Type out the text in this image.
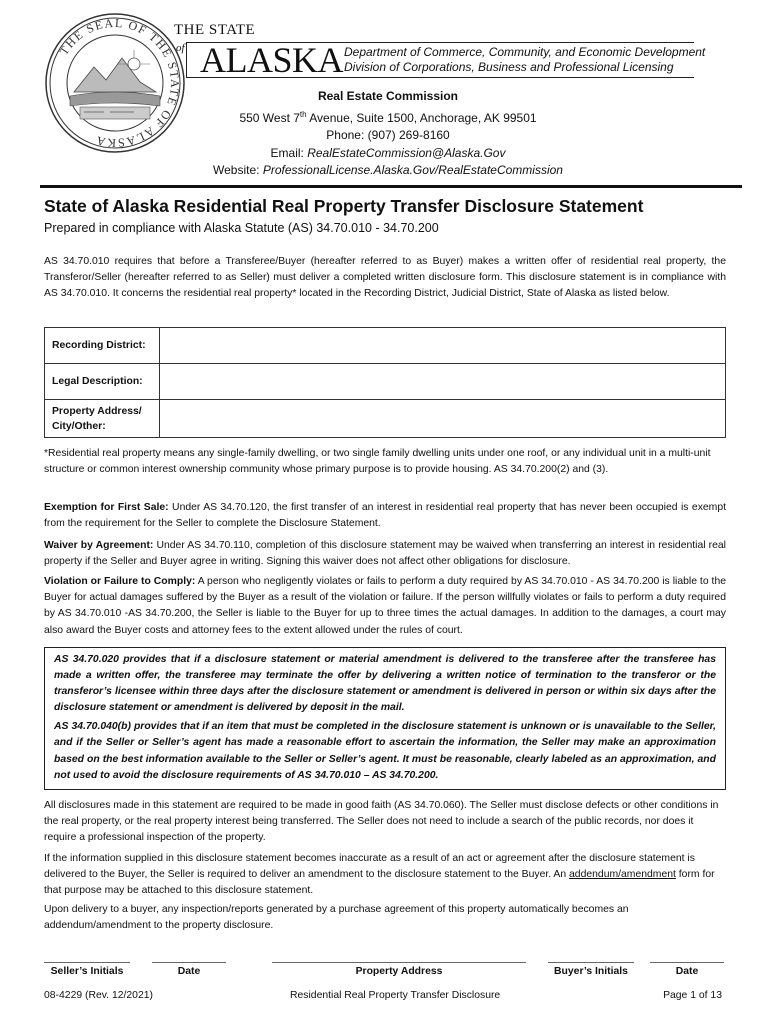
THE SEAL OF THE STATE OF ALASKA
THE STATE
of ALASKA Department of Commerce, Community, and Economic Development
Division of Corporations, Business and Professional Licensing
Real Estate Commission
550 West 7th Avenue, Suite 1500, Anchorage, AK 99501
Phone: (907) 269-8160
Email: RealEstateCommission@Alaska.Gov
Website: ProfessionalLicense.Alaska.Gov/RealEstateCommission
State of Alaska Residential Real Property Transfer Disclosure Statement
Prepared in compliance with Alaska Statute (AS) 34.70.010 - 34.70.200
AS 34.70.010 requires that before a Transferee/Buyer (hereafter referred to as Buyer) makes a written offer of residential real property, the Transferor/Seller (hereafter referred to as Seller) must deliver a completed written disclosure form. This disclosure statement is in compliance with AS 34.70.010. It concerns the residential real property* located in the Recording District, Judicial District, State of Alaska as listed below.
Recording District:	
Legal Description:	
Property Address/ City/Other:	
*Residential real property means any single-family dwelling, or two single family dwelling units under one roof, or any individual unit in a multi-unit structure or common interest ownership community whose primary purpose is to provide housing. AS 34.70.200(2) and (3).
Exemption for First Sale: Under AS 34.70.120, the first transfer of an interest in residential real property that has never been occupied is exempt from the requirement for the Seller to complete the Disclosure Statement.
Waiver by Agreement: Under AS 34.70.110, completion of this disclosure statement may be waived when transferring an interest in residential real property if the Seller and Buyer agree in writing. Signing this waiver does not affect other obligations for disclosure.
Violation or Failure to Comply: A person who negligently violates or fails to perform a duty required by AS 34.70.010 - AS 34.70.200 is liable to the Buyer for actual damages suffered by the Buyer as a result of the violation or failure. If the person willfully violates or fails to perform a duty required by AS 34.70.010 -AS 34.70.200, the Seller is liable to the Buyer for up to three times the actual damages. In addition to the damages, a court may also award the Buyer costs and attorney fees to the extent allowed under the rules of court.

AS 34.70.020 provides that if a disclosure statement or material amendment is delivered to the transferee after the transferee has made a written offer, the transferee may terminate the offer by delivering a written notice of termination to the transferor or the transferor’s licensee within three days after the disclosure statement or amendment is delivered in person or within six days after the disclosure statement or amendment is delivered by deposit in the mail.

AS 34.70.040(b) provides that if an item that must be completed in the disclosure statement is unknown or is unavailable to the Seller, and if the Seller or Seller’s agent has made a reasonable effort to ascertain the information, the Seller may make an approximation based on the best information available to the Seller or Seller’s agent. It must be reasonable, clearly labeled as an approximation, and not used to avoid the disclosure requirements of AS 34.70.010 – AS 34.70.200.

All disclosures made in this statement are required to be made in good faith (AS 34.70.060). The Seller must disclose defects or other conditions in the real property, or the real property interest being transferred. The Seller does not need to include a search of the public records, nor does it require a professional inspection of the property.
If the information supplied in this disclosure statement becomes inaccurate as a result of an act or agreement after the disclosure statement is delivered to the Buyer, the Seller is required to deliver an amendment to the disclosure statement to the Buyer. An addendum/amendment form for that purpose may be attached to this disclosure statement.
Upon delivery to a buyer, any inspection/reports generated by a purchase agreement of this property automatically becomes an addendum/amendment to the property disclosure.
Seller’s Initials	Date	Property Address	Buyer’s Initials	Date
08-4229 (Rev. 12/2021)	Residential Real Property Transfer Disclosure	Page 1 of 13
